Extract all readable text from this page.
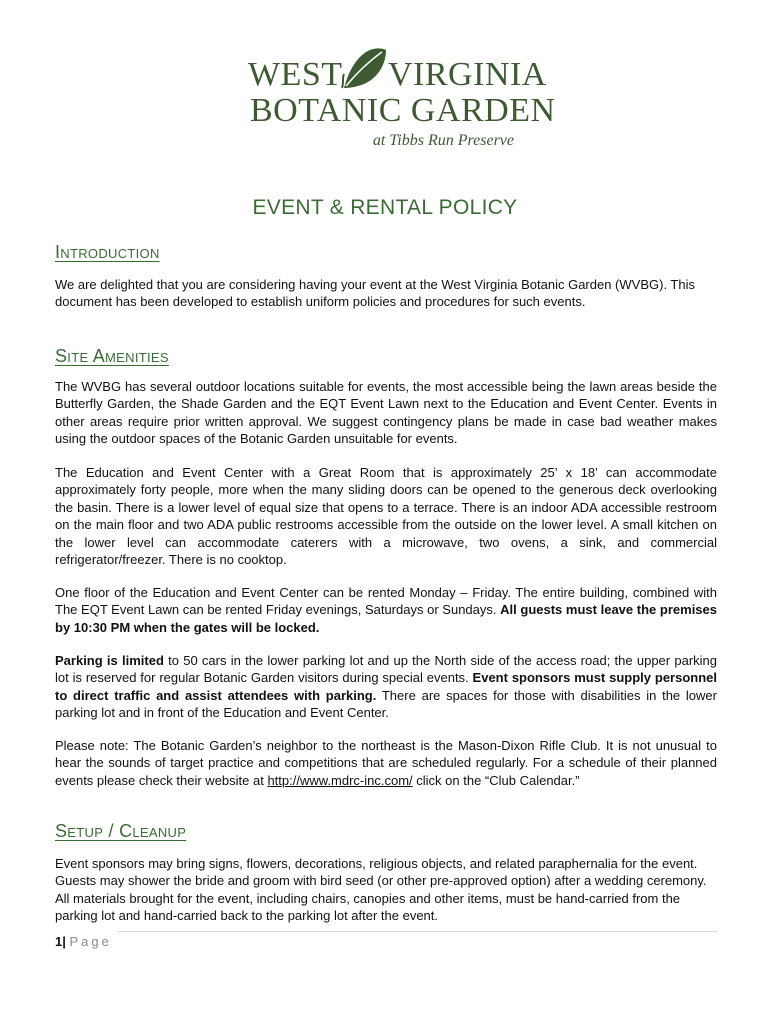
WEST VIRGINIA
BOTANIC GARDEN
at Tibbs Run Preserve
EVENT & RENTAL POLICY
Introduction
We are delighted that you are considering having your event at the West Virginia Botanic Garden (WVBG). This document has been developed to establish uniform policies and procedures for such events.
Site Amenities
The WVBG has several outdoor locations suitable for events, the most accessible being the lawn areas beside the Butterfly Garden, the Shade Garden and the EQT Event Lawn next to the Education and Event Center. Events in other areas require prior written approval. We suggest contingency plans be made in case bad weather makes using the outdoor spaces of the Botanic Garden unsuitable for events.
The Education and Event Center with a Great Room that is approximately 25’ x 18’ can accommodate approximately forty people, more when the many sliding doors can be opened to the generous deck overlooking the basin. There is a lower level of equal size that opens to a terrace. There is an indoor ADA accessible restroom on the main floor and two ADA public restrooms accessible from the outside on the lower level. A small kitchen on the lower level can accommodate caterers with a microwave, two ovens, a sink, and commercial refrigerator/freezer. There is no cooktop.
One floor of the Education and Event Center can be rented Monday – Friday. The entire building, combined with The EQT Event Lawn can be rented Friday evenings, Saturdays or Sundays. All guests must leave the premises by 10:30 PM when the gates will be locked.
Parking is limited to 50 cars in the lower parking lot and up the North side of the access road; the upper parking lot is reserved for regular Botanic Garden visitors during special events. Event sponsors must supply personnel to direct traffic and assist attendees with parking. There are spaces for those with disabilities in the lower parking lot and in front of the Education and Event Center.
Please note: The Botanic Garden’s neighbor to the northeast is the Mason-Dixon Rifle Club. It is not unusual to hear the sounds of target practice and competitions that are scheduled regularly. For a schedule of their planned events please check their website at http://www.mdrc-inc.com/ click on the “Club Calendar.”
Setup / Cleanup
Event sponsors may bring signs, flowers, decorations, religious objects, and related paraphernalia for the event. Guests may shower the bride and groom with bird seed (or other pre-approved option) after a wedding ceremony. All materials brought for the event, including chairs, canopies and other items, must be hand-carried from the parking lot and hand-carried back to the parking lot after the event.
1| Page
